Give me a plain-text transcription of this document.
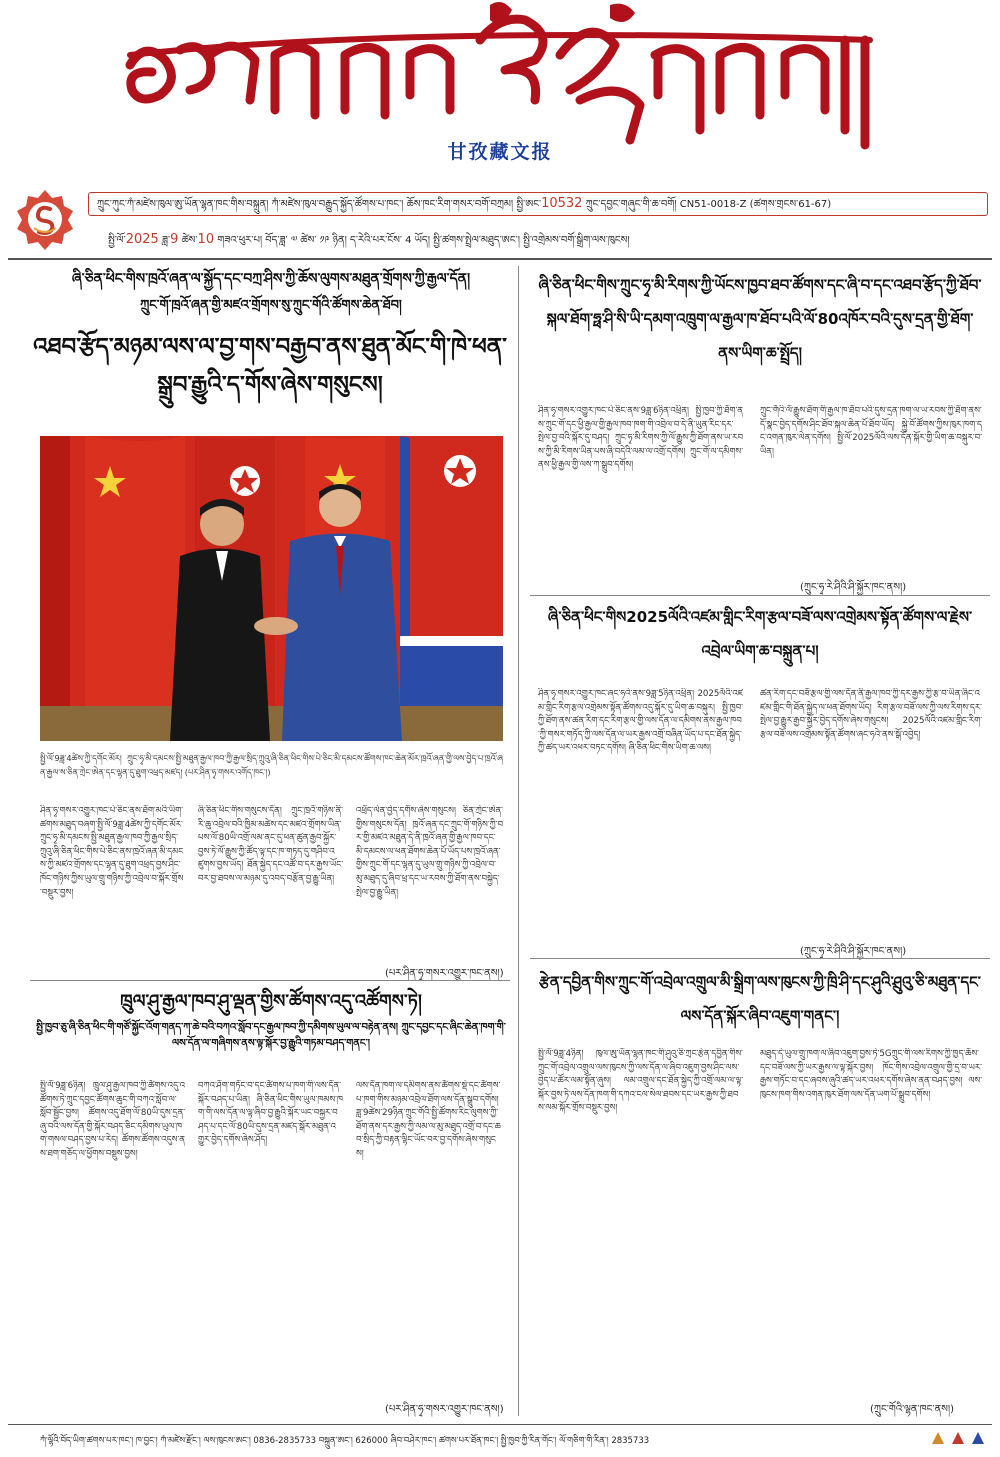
甘孜藏文报
ཀྲུང་ཀུང་ཀཾ་མཛེས་ཁུལ་ཨུ་ཡོན་ལྷན་ཁང་གིས་བསྐྲུན། ཀཾ་མཛེས་ཁུལ་བརྒྱུད་སྐྱོད་ཚོགས་པ་ཁང་། ཆོས་ཁང་རིག་གསར་བགོ་བཀྲམ། སྤྱི་ཨང་10532 ཀྲུང་དབྱང་གཞུང་གི་ཆ་བགོ། CN51-0018-Z (ཚགས་གྲངས་61-67)
སྤྱི་ལོ་2025 ཟླ་9 ཚེས་10 གཟའ་ཕུར་པ། བོད་ཟླ་ ༧ ཚེས་ ༡༩ ཉིན། ད་རེའི་པར་ངོས་ 4 ཡོད། སྤྱི་ཚགས་སྤྲེལ་མཐུད་ཨང་། སྤྱི་འགྲེམས་བགོ་སྒྲིག་ལས་ཁུངས།
ཞི་ཅིན་ཕིང་གིས་ཁྲའོ་ཞན་ལ་སྐྱོད་དང་བཀྲ་ཤིས་ཀྱི་ཆོས་ལུགས་མཐུན་གྲོགས་ཀྱི་རྒྱལ་དོན།
ཀྲུང་གོ་ཁྲའོ་ཞན་གྱི་མཛའ་གྲོགས་སུ་ཀྲུང་གོའི་ཚོགས་ཆེན་ཐོབ།
འཐབ་རྩོད་མཉམ་ལས་ལ་བྱ་གས་བརྒྱབ་ནས་ཐུན་མོང་གི་ཁེ་ཕན་སྒྲུབ་རྒྱུའི་ད་གོས་ཞེས་གསུངས།
སྤྱི་ལོ་9ཟླ་4ཚེས་ཀྱི་དགོང་མོར། ཀྲུང་ཧྭ་མི་དམངས་སྤྱི་མཐུན་རྒྱལ་ཁབ་ཀྱི་རྒྱལ་སྲིད་ཀྲུའུ་ཞི་ཅིན་ཕིང་གིས་པེ་ཅིང་མི་དམངས་ཚོགས་ཁང་ཆེན་མོར་ཁྲའོ་ཞན་གྱི་ལས་བྱེད་པ་ཁྲའོ་ཞན་རྒྱལ་ས་ཅིན་ཀྲེང་ཨེན་དང་ལྷན་དུ་ཐུག་འཕྲད་མཛད། (པར་ཤིན་ཧྭ་གསར་འགོད་ཁང་།)
ཤིན་ཧྭ་གསར་འགྱུར་ཁང་པེ་ཅིང་ནས་ཐོག་མའི་ཡིག་ཚགས་མཐུད་བཞག་སྤྱི་ལོ་9ཟླ་4ཚེས་ཀྱི་དགོང་མོར་ཀྲུང་ཧྭ་མི་དམངས་སྤྱི་མཐུན་རྒྱལ་ཁབ་ཀྱི་རྒྱལ་སྲིད་ཀྲུའུ་ཞི་ཅིན་ཕིང་གིས་པེ་ཅིང་ནས་ཁྲའོ་ཞན་མི་དམངས་ཀྱི་མཛའ་གྲོགས་དང་ལྷན་དུ་ཐུག་འཕྲད་བྱས་ཤིང་ཁོང་གཉིས་ཀྱིས་ཡུལ་གྲུ་གཉིས་ཀྱི་འབྲེལ་བ་སྐོར་གྲོས་བསྡུར་བྱས།
ཞི་ཅིན་ཕིང་གིས་གསུངས་དོན། ཀྲུང་ཁྲའོ་གཉིས་ནི་རི་ཆུ་འབྲེལ་བའི་ཁྱིམ་མཚེས་དང་མཛའ་གྲོགས་ཡིན་པས་ལོ་80ཡི་འགྲོ་ལམ་ནང་དུ་ཕན་ཚུན་རྒྱབ་སྐྱོར་བྱས་ཏེ་ལོ་རྒྱུས་ཀྱི་ཚོད་ལྟ་དང་ཁ་གཏད་དུ་གཤིབ་འཛུགས་བྱས་ཡོད། ཐོན་སྐྱེད་དང་འཚོ་བ་དར་རྒྱས་ཡོང་བར་བྱ་ཐབས་ལ་མཉམ་དུ་འབད་བརྩོན་བྱ་རྒྱུ་ཡིན།
འཕྲོད་ལེན་བྱེད་དགོས་ཞེས་གསུངས། ཅིན་ཀྲེང་ཨེན་གྱིས་གསུངས་དོན། ཁྲའོ་ཞན་དང་ཀྲུང་གོ་གཉིས་ཀྱི་བར་གྱི་མཛའ་མཐུན་དེ་ནི་ཁྲའོ་ཞན་གྱི་རྒྱལ་ཁབ་དང་མི་དམངས་ལ་ཕན་ཐོགས་ཆེན་པོ་ཡོད་པས་ཁྲའོ་ཞན་གྱིས་ཀྲུང་གོ་དང་ལྷན་དུ་ཡུལ་གྲུ་གཉིས་ཀྱི་འབྲེལ་བ་མུ་མཐུད་དུ་ཞིབ་ཕྲ་དང་ཡ་རབས་ཀྱི་ཐོག་ནས་བསྐྱེད་སྤེལ་བྱ་རྒྱུ་ཡིན།
(པར་ཤིན་ཧྭ་གསར་འགྱུར་ཁང་ནས།)
ཁྲུལ་ཤུ་རྒྱལ་ཁབ་ཤུ་ལྡན་གྱིས་ཚོགས་འདུ་འཚོགས་ཏེ།
སྤྱི་ཁྱབ་ཅུ་ཞི་ཅིན་ཕིང་གི་གཙོ་སྐྱོང་འོག་གནད་ཀ་ཆེ་བའི་བཀའ་སློབ་དང་རྒྱལ་ཁབ་ཀྱི་དམིགས་ཡུལ་ལ་བརྟེན་ནས། ཀྲུང་དབྱང་དང་ཞིང་ཆེན་ཁག་གི་ལས་དོན་ལ་གཞིགས་ནས་ལྟ་སྐོར་བྱ་རྒྱུའི་གཏམ་བཤད་གནང་།
སྤྱི་ལོ་9ཟླ་6ཉིན། ཁྲུལ་ཤུ་རྒྱལ་ཁབ་ཀྱི་ཚོགས་འདུ་འཚོགས་ཏེ་ཀྲུང་དབྱང་ཚོགས་ཆུང་གི་བཀའ་སློབ་ལ་སློབ་སྦྱོང་བྱས། ཚོགས་འདུ་ཐོག་ལོ་80ཡི་དུས་དྲན་ཞུ་བའི་ལས་དོན་གྱི་སྐོར་བཤད་ཅིང་དམིགས་ཡུལ་ཁག་གསལ་བཤད་བྱས་པ་རེད། ཚོགས་ཚོགས་འདུས་ནས་ཐག་གཅོད་ལ་ཕྱོགས་བསྡུས་བྱས།
བཀའ་ཤོག་གཏོང་བ་དང་ཚོགས་པ་ཁག་གི་ལས་དོན་སྐོར་བཤད་པ་ཡིན། ཞི་ཅིན་ཕིང་གིས་ཡུལ་ཁམས་ཁག་གི་ལས་དོན་ལ་ལྟ་ཞིབ་བྱ་རྒྱུའི་སྐོར་ཡང་བསྐྱར་བཤད་པ་དང་ལོ་80ཡི་དུས་དྲན་མཛད་སྒོར་མཐུན་འགྱུར་བྱེད་དགོས་ཞེས་ཤོད།
ལས་དོན་ཁག་ལ་དམིགས་ནས་ཚོགས་སྡེ་དང་ཚོགས་པ་ཁག་གིས་མཉམ་འབྲེལ་ཐོག་ལས་དོན་སྒྲུབ་དགོས། ཟླ་9ཚེས་29ཉིན་ཀྲུང་གོའི་སྤྱི་ཚོགས་རིང་ལུགས་ཀྱི་ཐོག་ནས་དར་རྒྱས་ཀྱི་ལམ་ལ་མུ་མཐུད་འགྲོ་བ་དང་ཆབ་སྲིད་ཀྱི་བརྟན་ལྷིང་ཡོང་བར་བྱ་དགོས་ཞེས་གསུངས།
(པར་ཤིན་ཧྭ་གསར་འགྱུར་ཁང་ནས།)
ཞི་ཅིན་ཕིང་གིས་ཀྲུང་ཧྭ་མི་རིགས་ཀྱི་ཡོངས་ཁྱབ་ཐབ་ཚོགས་དང་ཞི་བ་དང་འཐབ་རྩོད་ཀྱི་ཐོབ་སྐལ་ཐོག་ཧྥ་ཤི་སི་ཡི་དམག་འཁྲུག་ལ་རྒྱལ་ཁ་ཐོབ་པའི་ལོ་80འཁོར་བའི་དུས་དྲན་གྱི་ཐོག་ནས་ཡིག་ཆ་སྤྲོད།
ཤིན་ཧྭ་གསར་འགྱུར་ཁང་པེ་ཅིང་ནས་9ཟླ་6ཉིན་འཕྲིན། སྤྱི་ཁྱབ་ཀྱི་ཐོག་ནས་ཀྲུང་གོ་དང་ཕྱི་རྒྱལ་གྱི་རྒྱལ་ཁབ་ཁག་གི་འབྲེལ་བ་དེ་ནི་ཡུན་རིང་དར་སྤེལ་བྱ་བའི་སྐོར་དུ་བཤད། ཀྲུང་ཧྭ་མི་རིགས་ཀྱི་ལོ་རྒྱུས་ཀྱི་ཐོག་ནས་ཡ་རབས་ཀྱི་མི་རིགས་ཡིན་པས་ཞི་བདེའི་ལམ་ལ་འགྲོ་དགོས། ཀྲུང་གོ་ལ་དམིགས་ནས་ཕྱི་རྒྱལ་གྱི་ལས་ཀ་སྒྲུབ་དགོས།
ཀྲུང་གོའི་ལོ་རྒྱུས་ཐོག་གི་རྒྱལ་ཁ་ཐོབ་པའི་དུས་དྲན་ཁག་ལ་ཡ་རབས་ཀྱི་ཐོག་ནས་དོ་སྣང་བྱེད་དགོས་ཤིང་ཐོབ་སྐལ་ཆེན་པོ་ཐོབ་ཡོད། སྐྱེ་བོ་ཚོགས་ཀྱིས་ཁུར་ཁག་དང་འགན་ཁུར་ལེན་དགོས། སྤྱི་ལོ་2025ལོའི་ལས་དོན་སྐོར་གྱི་ཡིག་ཆ་བསྐུར་བ་ཡིན།
(ཀྲུང་ཧྭ་རེ་ཤིའི་ཤི་སྐྱོར་ཁང་ནས།)
ཞི་ཅིན་ཕིང་གིས2025ལོའི་འཛམ་གླིང་རིག་རྩལ་བཟོ་ལས་འགྲེམས་སྟོན་ཚོགས་ལ་རྗེས་འབྲེལ་ཡིག་ཆ་བསྐྲུན་པ།
ཤིན་ཧྭ་གསར་འགྱུར་ཁང་ཞང་ཧའེ་ནས་9ཟླ་5ཉིན་འཕྲིན། 2025ལོའི་འཛམ་གླིང་རིག་རྩལ་འགྲེམས་སྟོན་ཚོགས་འདུ་སྐོར་དུ་ཡིག་ཆ་བསྐུར། སྤྱི་ཁྱབ་ཀྱི་ཐོག་ནས་ཚན་རིག་དང་རིག་རྩལ་གྱི་ལས་དོན་ལ་དམིགས་ནས་རྒྱལ་ཁབ་ཀྱི་གསར་གཏོད་ཀྱི་ལས་དོན་ལ་ཡར་རྒྱས་འགྲོ་བཞིན་ཡོད་པ་དང་ཐོན་སྐྱེད་ཀྱི་ཚད་ཡར་འཕར་བཏང་དགོས། ཞི་ཅིན་ཕིང་གིས་ཡིག་ཆ་ལས།
ཚན་རིག་དང་བཟོ་རྩལ་གྱི་ལས་དོན་ནི་རྒྱལ་ཁབ་ཀྱི་དར་རྒྱས་ཀྱི་རྩ་བ་ཡིན་ཞིང་འཛམ་གླིང་གི་ཐོན་སྐྱེད་ལ་ཕན་ཐོགས་ཡོད། རིག་རྩལ་བཟོ་ལས་ཀྱི་ལས་རིགས་དར་སྤེལ་བྱ་རྒྱུར་རྒྱབ་སྐྱོར་བྱེད་དགོས་ཞེས་གསུངས། 2025ལོའི་འཛམ་གླིང་རིག་རྩལ་བཟོ་ལས་འགྲེམས་སྟོན་ཚོགས་ཞང་ཧའེ་ནས་སྒོ་འབྱེད།
(ཀྲུང་ཧྭ་རེ་ཤིའི་ཤི་སྐྱོར་ཁང་ནས།)
རྩེན་དབྱིན་གིས་ཀྲུང་གོ་འབྲེལ་འགྲུལ་མི་སྒྲིག་ལས་ཁུངས་ཀྱི་ཁྲི་ཤི་དང་ཤུའི་ཤྲུའུ་ཅི་མཐུན་དང་ལས་དོན་སྐོར་ཞིབ་འཇུག་གནང་།
སྤྱི་ལོ་9ཟླ་4ཉིན། ཁུལ་ཨུ་ཡོན་ལྷན་ཁང་གི་ཤུའུ་ཅི་ཀྲང་རྩེན་དབྱིན་གིས་ཀྲུང་གོ་འབྲེལ་འགྲུལ་ལས་ཁུངས་ཀྱི་ལས་དོན་ལ་ཞིབ་འཇུག་བྱས་ཤིང་ལས་བྱེད་པ་ཚོར་ལམ་སྟོན་ཞུས། ལམ་འགྲུལ་དང་ཐོན་སྐྱེད་ཀྱི་འགྲོ་ལམ་ལ་ལྟ་སྐོར་བྱས་ཏེ་ལས་དོན་ཁག་གི་དཀའ་ངལ་སེལ་ཐབས་དང་ཡར་རྒྱས་ཀྱི་ཐབས་ལམ་སྐོར་གྲོས་བསྡུར་བྱས།
མཐུད་དེ་ཡུལ་གྲུ་ཁག་ལ་ཞིབ་འཇུག་བྱས་ཏེ་5Gཀྲུང་གི་ལས་རིགས་ཀྱི་ཁྱད་ཆོས་དང་བཟོ་ལས་ཀྱི་ཡར་རྒྱས་ལ་ལྟ་སྐོར་བྱས། ཁོང་གིས་འབྲེལ་འགྲུལ་གྱི་དྲ་བ་ཡར་རྒྱས་གཏོང་བ་དང་ཞབས་ཞུའི་ཚད་ཡར་འཕར་དགོས་ཞེས་ནན་བཤད་བྱས། ལས་ཁུངས་ཁག་གིས་འགན་ཁུར་ཐོག་ལས་དོན་ཡག་པོ་སྒྲུབ་དགོས།
(ཀྲུང་གོའི་ལྷན་ཁང་ནས།)
ཀཾ་ལྷོའི་བོད་ཡིག་ཚགས་པར་ཁང་། ཁ་བྱང་། ཀཾ་མཛེས་རྫོང་། ལས་ཁུངས་ཨང་། 0836-2835733 བསྐྲུན་ཨང་། 626000 ཞིབ་བཤེར་ཁང་། ཚགས་པར་ཐོན་ཁང་། སྤྱི་ཁྱབ་ཀྱི་རིན་གོང་། ལོ་གཅིག་གི་རིན་། 2835733
